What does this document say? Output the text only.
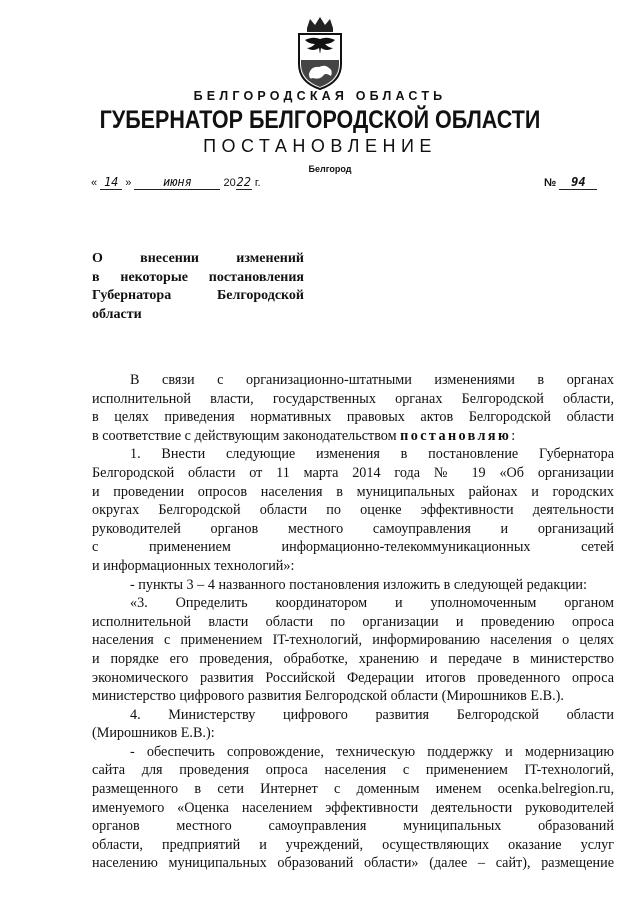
БЕЛГОРОДСКАЯ ОБЛАСТЬ
ГУБЕРНАТОР БЕЛГОРОДСКОЙ ОБЛАСТИ
ПОСТАНОВЛЕНИЕ
Белгород
« 14 »	июня	2022 г.	№ 94
О внесении изменений
в некоторые постановления
Губернатора Белгородской
области
В связи с организационно-штатными изменениями в органах
исполнительной власти, государственных органах Белгородской области,
в целях приведения нормативных правовых актов Белгородской области
в соответствие с действующим законодательством постановляю:
1. Внести следующие изменения в постановление Губернатора
Белгородской области от 11 марта 2014 года № 19 «Об организации
и проведении опросов населения в муниципальных районах и городских
округах Белгородской области по оценке эффективности деятельности
руководителей органов местного самоуправления и организаций
с применением информационно-телекоммуникационных сетей
и информационных технологий»:
- пункты 3 – 4 названного постановления изложить в следующей редакции:
«3. Определить координатором и уполномоченным органом
исполнительной власти области по организации и проведению опроса
населения с применением IT-технологий, информированию населения о целях
и порядке его проведения, обработке, хранению и передаче в министерство
экономического развития Российской Федерации итогов проведенного опроса
министерство цифрового развития Белгородской области (Мирошников Е.В.).
4. Министерству цифрового развития Белгородской области
(Мирошников Е.В.):
- обеспечить сопровождение, техническую поддержку и модернизацию
сайта для проведения опроса населения с применением IT-технологий,
размещенного в сети Интернет с доменным именем ocenka.belregion.ru,
именуемого «Оценка населением эффективности деятельности руководителей
органов местного самоуправления муниципальных образований
области, предприятий и учреждений, осуществляющих оказание услуг
населению муниципальных образований области» (далее – сайт), размещение
